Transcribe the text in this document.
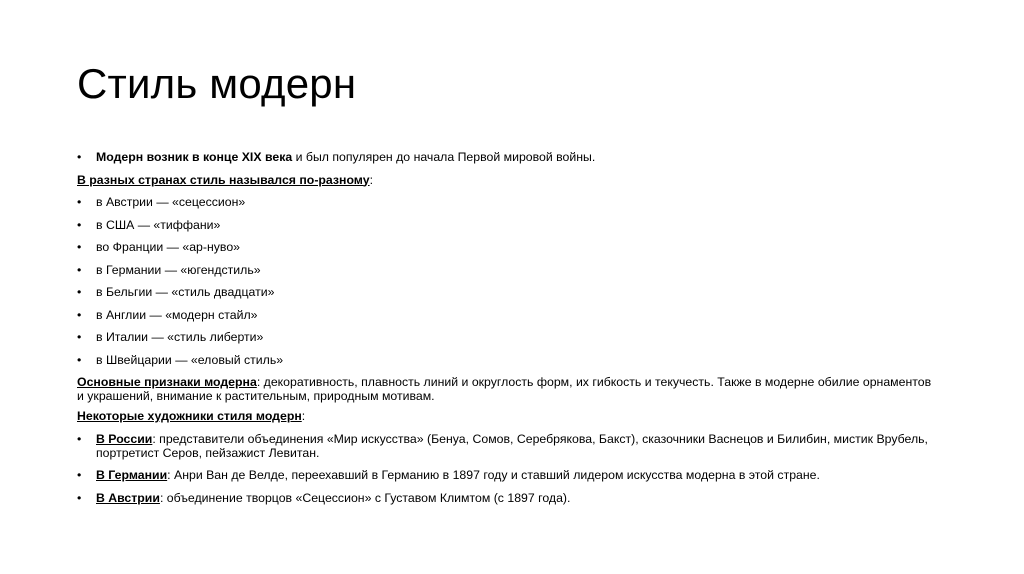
Стиль модерн
•
Модерн возник в конце XIX века и был популярен до начала Первой мировой войны.
В разных странах стиль назывался по-разному:
•
в Австрии — «сецессион»
•
в США — «тиффани»
•
во Франции — «ар-нуво»
•
в Германии — «югендстиль»
•
в Бельгии — «стиль двадцати»
•
в Англии — «модерн стайл»
•
в Италии — «стиль либерти»
•
в Швейцарии — «еловый стиль»
Основные признаки модерна: декоративность, плавность линий и округлость форм, их гибкость и текучесть. Также в модерне обилие орнаментов и украшений, внимание к растительным, природным мотивам.
Некоторые художники стиля модерн:
•
В России: представители объединения «Мир искусства» (Бенуа, Сомов, Серебрякова, Бакст), сказочники Васнецов и Билибин, мистик Врубель, портретист Серов, пейзажист Левитан.
•
В Германии: Анри Ван де Велде, переехавший в Германию в 1897 году и ставший лидером искусства модерна в этой стране.
•
В Австрии: объединение творцов «Сецессион» с Густавом Климтом (с 1897 года).
